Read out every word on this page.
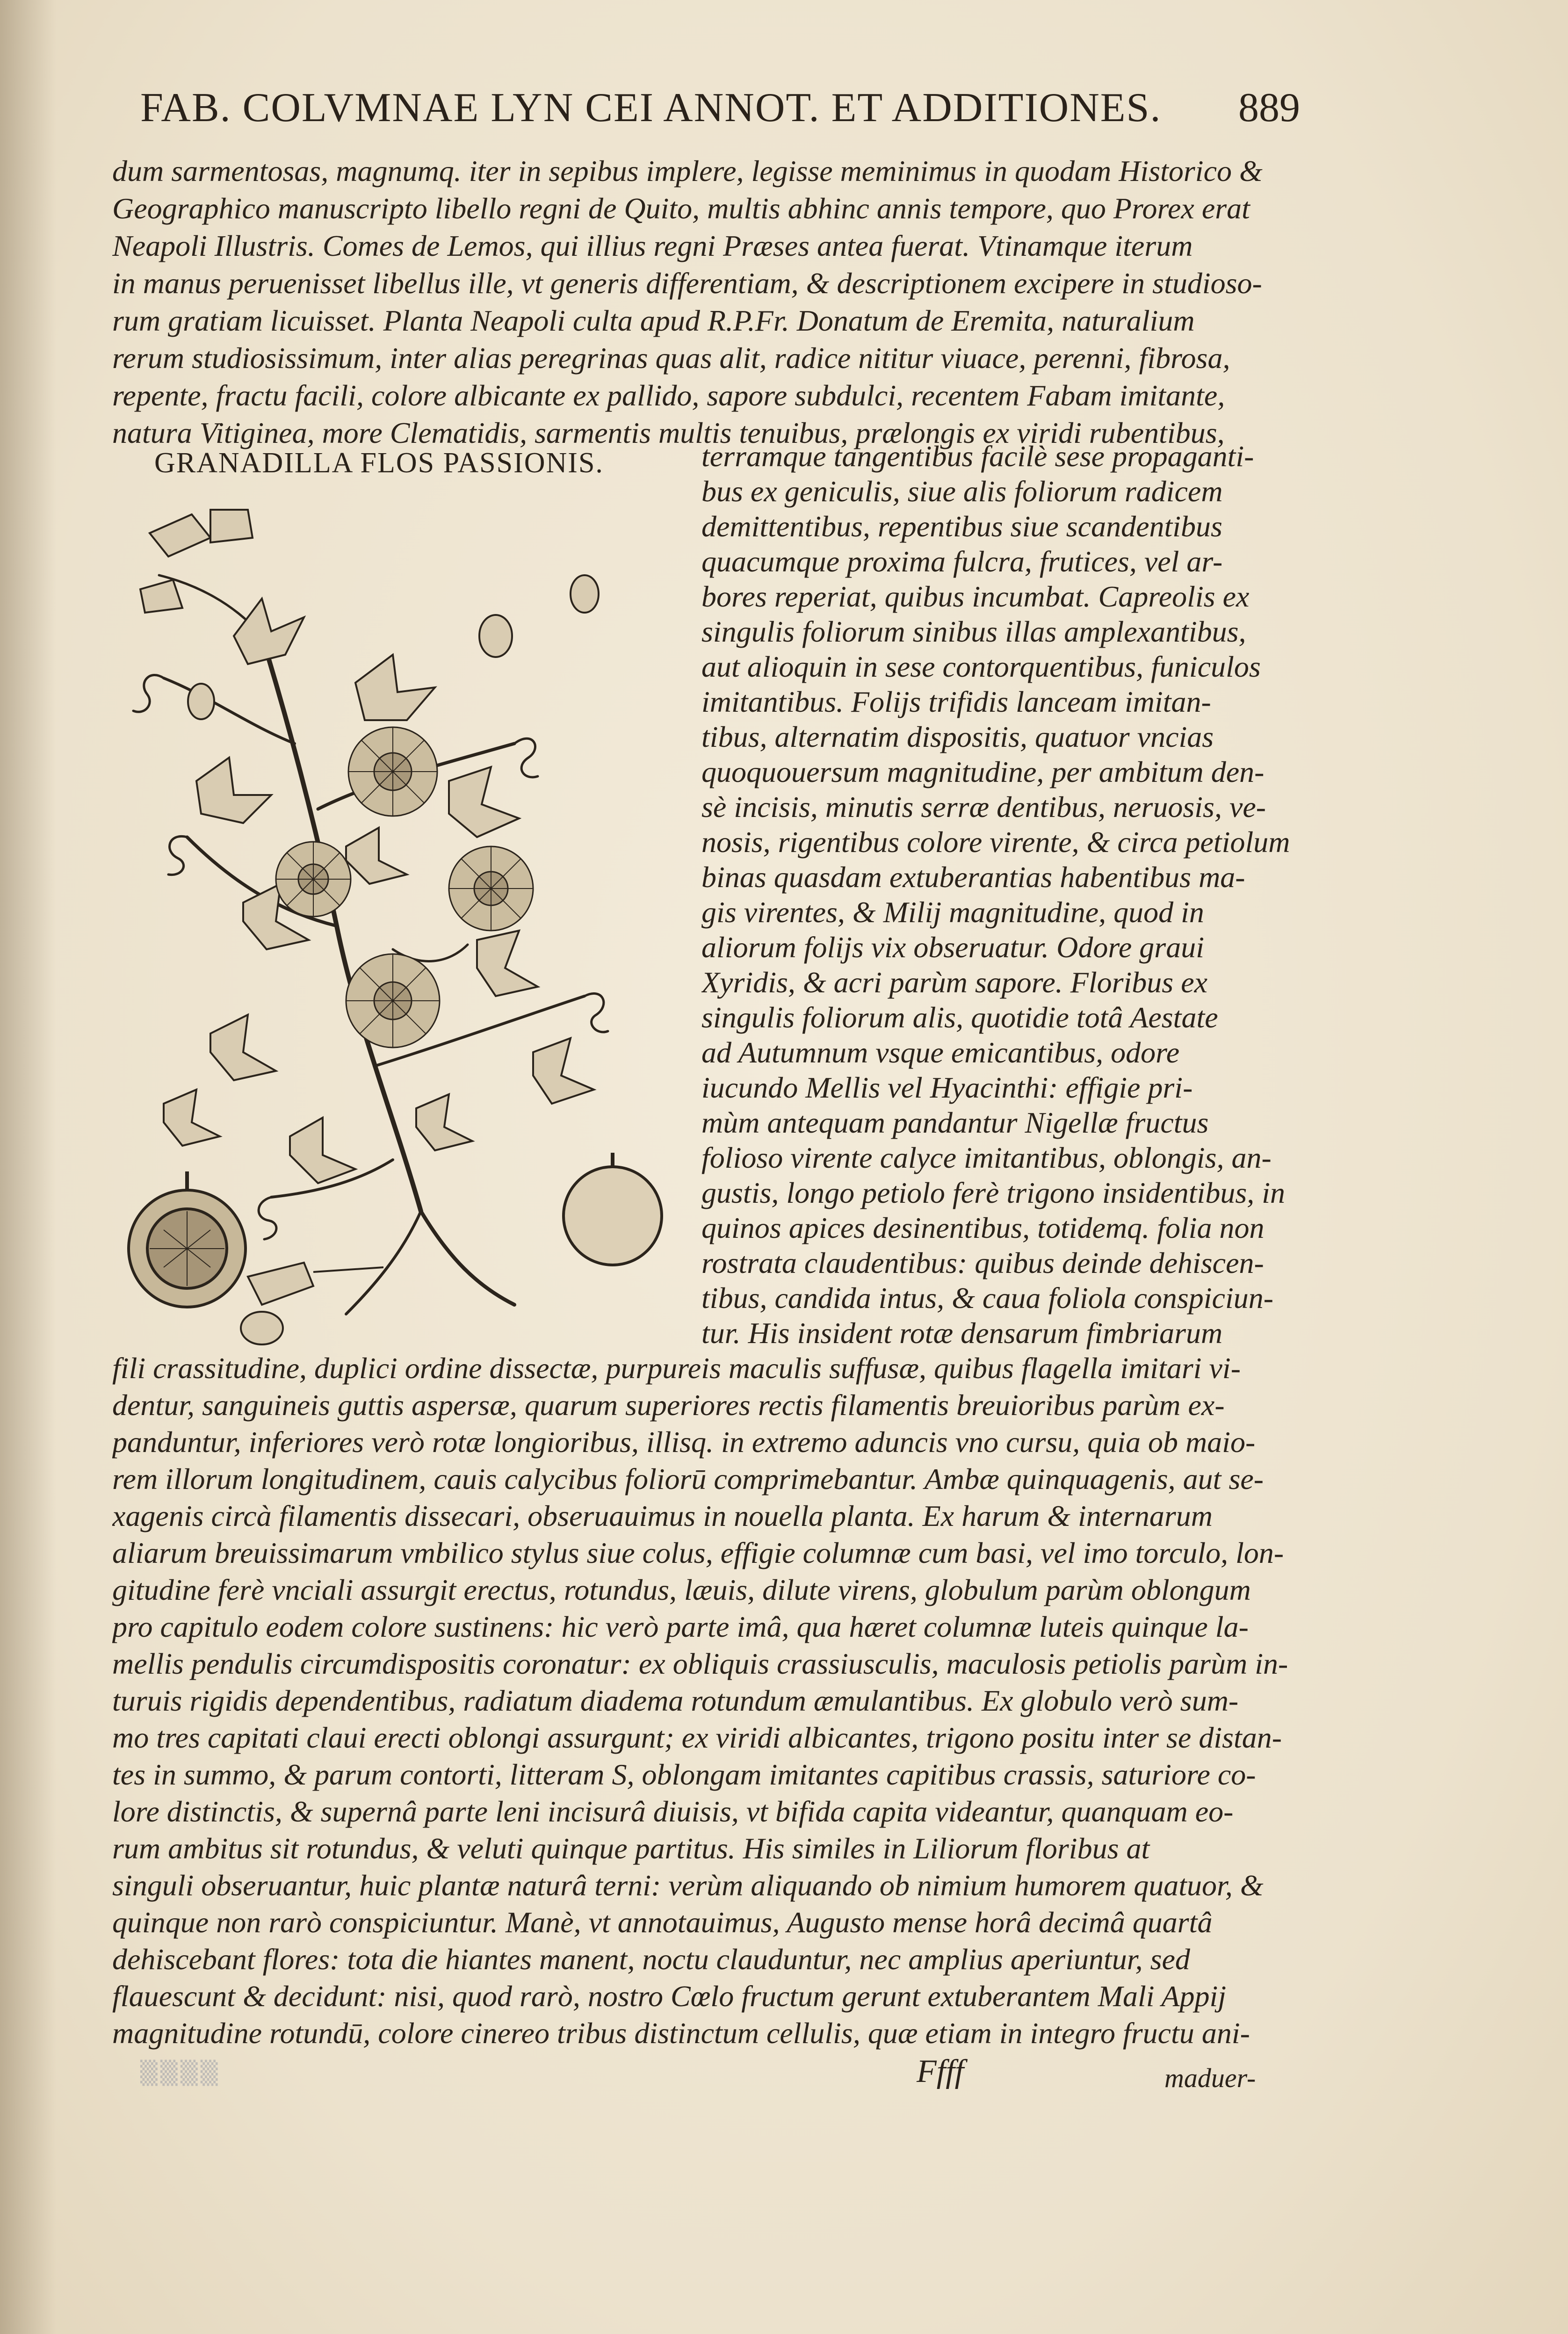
FAB. COLVMNAE LYN CEI ANNOT. ET ADDITIONES. 889
dum sarmentosas, magnumq. iter in sepibus implere, legisse meminimus in quodam Historico &
Geographico manuscripto libello regni de Quito, multis abhinc annis tempore, quo Prorex erat
Neapoli Illustris. Comes de Lemos, qui illius regni Præses antea fuerat. Vtinamque iterum
in manus peruenisset libellus ille, vt generis differentiam, & descriptionem excipere in studioso-
rum gratiam licuisset. Planta Neapoli culta apud R.P.Fr. Donatum de Eremita, naturalium
rerum studiosissimum, inter alias peregrinas quas alit, radice nititur viuace, perenni, fibrosa,
repente, fractu facili, colore albicante ex pallido, sapore subdulci, recentem Fabam imitante,
natura Vitiginea, more Clematidis, sarmentis multis tenuibus, prælongis ex viridi rubentibus,
GRANADILLA FLOS PASSIONIS.	terramque tangentibus facilè sese propaganti-
bus ex geniculis, siue alis foliorum radicem
demittentibus, repentibus siue scandentibus
quacumque proxima fulcra, frutices, vel ar-
bores reperiat, quibus incumbat. Capreolis ex
singulis foliorum sinibus illas amplexantibus,
aut alioquin in sese contorquentibus, funiculos
imitantibus. Folijs trifidis lanceam imitan-
tibus, alternatim dispositis, quatuor vncias
quoquouersum magnitudine, per ambitum den-
sè incisis, minutis serræ dentibus, neruosis, ve-
nosis, rigentibus colore virente, & circa petiolum
binas quasdam extuberantias habentibus ma-
gis virentes, & Milij magnitudine, quod in
aliorum folijs vix obseruatur. Odore graui
Xyridis, & acri parùm sapore. Floribus ex
singulis foliorum alis, quotidie totâ Aestate
ad Autumnum vsque emicantibus, odore
iucundo Mellis vel Hyacinthi: effigie pri-
mùm antequam pandantur Nigellæ fructus
folioso virente calyce imitantibus, oblongis, an-
gustis, longo petiolo ferè trigono insidentibus, in
quinos apices desinentibus, totidemq. folia non
rostrata claudentibus: quibus deinde dehiscen-
tibus, candida intus, & caua foliola conspiciun-
tur. His insident rotæ densarum fimbriarum
fili crassitudine, duplici ordine dissectæ, purpureis maculis suffusæ, quibus flagella imitari vi-
dentur, sanguineis guttis aspersæ, quarum superiores rectis filamentis breuioribus parùm ex-
panduntur, inferiores verò rotæ longioribus, illisq. in extremo aduncis vno cursu, quia ob maio-
rem illorum longitudinem, cauis calycibus foliorū comprimebantur. Ambæ quinquagenis, aut se-
xagenis circà filamentis dissecari, obseruauimus in nouella planta. Ex harum & internarum
aliarum breuissimarum vmbilico stylus siue colus, effigie columnæ cum basi, vel imo torculo, lon-
gitudine ferè vnciali assurgit erectus, rotundus, læuis, dilute virens, globulum parùm oblongum
pro capitulo eodem colore sustinens: hic verò parte imâ, qua hæret columnæ luteis quinque la-
mellis pendulis circumdispositis coronatur: ex obliquis crassiusculis, maculosis petiolis parùm in-
turuis rigidis dependentibus, radiatum diadema rotundum æmulantibus. Ex globulo verò sum-
mo tres capitati claui erecti oblongi assurgunt; ex viridi albicantes, trigono positu inter se distan-
tes in summo, & parum contorti, litteram S, oblongam imitantes capitibus crassis, saturiore co-
lore distinctis, & supernâ parte leni incisurâ diuisis, vt bifida capita videantur, quanquam eo-
rum ambitus sit rotundus, & veluti quinque partitus. His similes in Liliorum floribus at
singuli obseruantur, huic plantæ naturâ terni: verùm aliquando ob nimium humorem quatuor, &
quinque non rarò conspiciuntur. Manè, vt annotauimus, Augusto mense horâ decimâ quartâ
dehiscebant flores: tota die hiantes manent, noctu clauduntur, nec amplius aperiuntur, sed
flauescunt & decidunt: nisi, quod rarò, nostro Cœlo fructum gerunt extuberantem Mali Appij
magnitudine rotundū, colore cinereo tribus distinctum cellulis, quæ etiam in integro fructu ani-
▒▒▒▒	Ffff	maduer-
